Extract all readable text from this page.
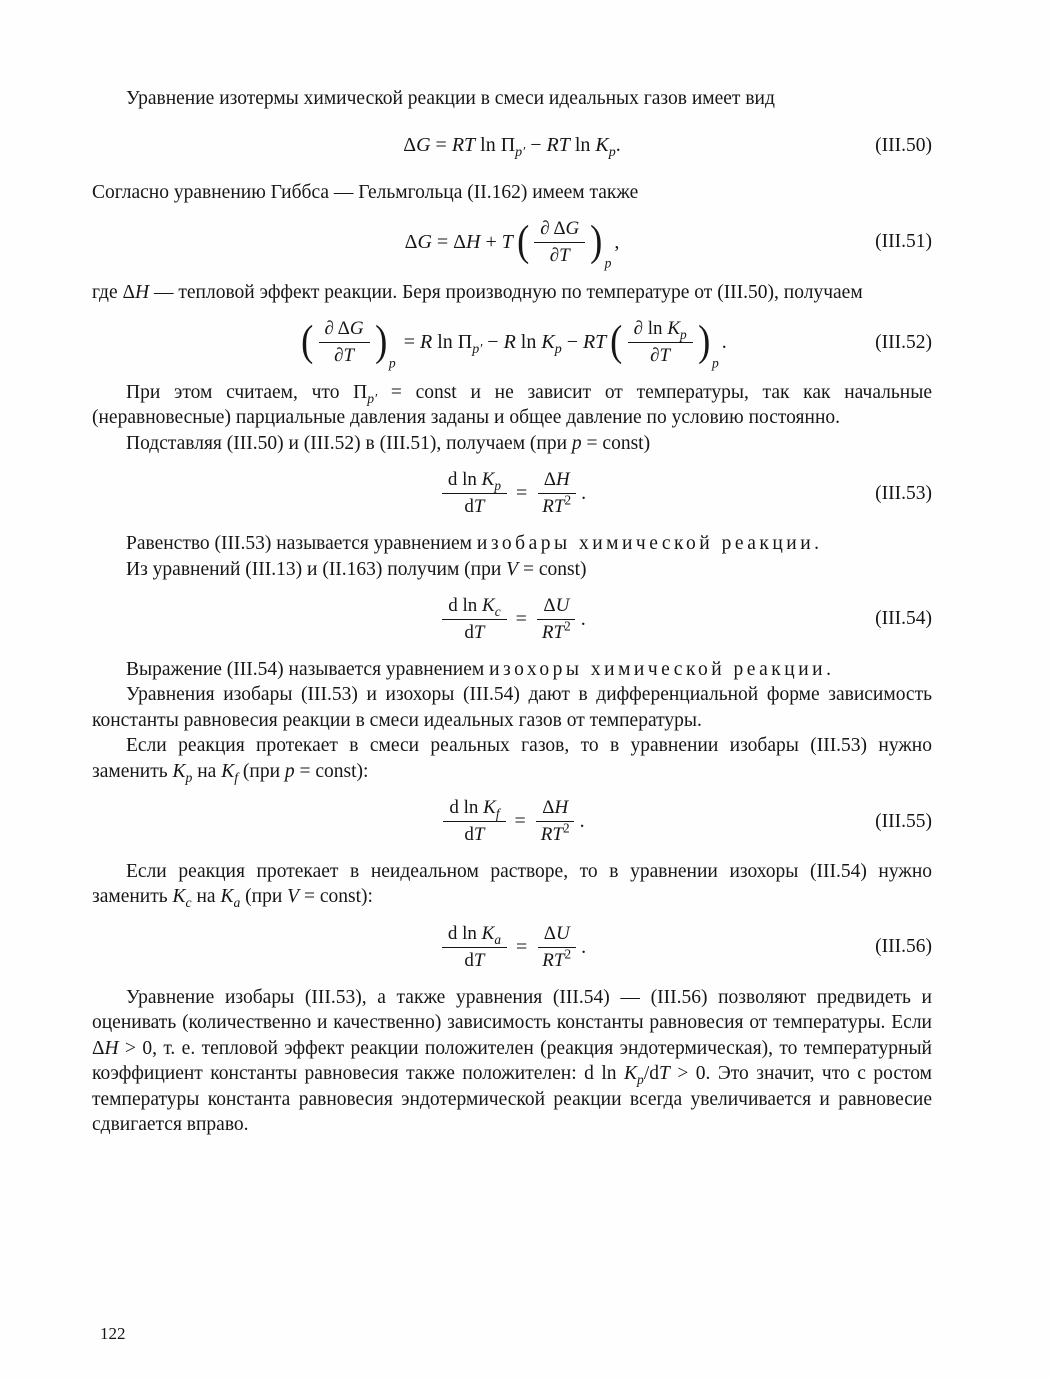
Уравнение изотермы химической реакции в смеси идеальных газов имеет вид

ΔG = RT $\ln \Pi_{p'}$ − RT $\ln K_p$.	(III.50)

Согласно уравнению Гиббса — Гельмгольца (II.162) имеем также

ΔG = ΔH + T ( $\frac{\partial \Delta G}{\partial T}$ ) p
,	(III.51)

где ΔH — тепловой эффект реакции. Беря производную по температуре от (III.50), получаем

( $\frac{\partial \Delta G}{\partial T}$ ) p
= R $\ln \Pi_{p'} - R$ $\ln K_p$ − RT ( $\frac{\partial \ln K_p}{\partial T}$ ) p
.	(III.52)

При этом считаем, что $\Pi_{p'}$ = const и не зависит от температуры, так как начальные (неравновесные) парциальные давления заданы и общее давление по условию постоянно.

Подставляя (III.50) и (III.52) в (III.51), получаем (при p = const)

$\frac{d \ln K_p}{dT} = \frac{\Delta H}{RT^2}$ .	(III.53)

Равенство (III.53) называется уравнением изобары химической реакции.

Из уравнений (III.13) и (II.163) получим (при V = const)

$\frac{d \ln K_c}{dT} = \frac{\Delta U}{RT^2}$ .	(III.54)

Выражение (III.54) называется уравнением изохоры химической реакции.

Уравнения изобары (III.53) и изохоры (III.54) дают в дифференциальной форме зависимость константы равновесия реакции в смеси идеальных газов от температуры.

Если реакция протекает в смеси реальных газов, то в уравнении изобары (III.53) нужно заменить $K_p$ на $K_f$ (при p = const):

$\frac{d \ln K_f}{dT} = \frac{\Delta H}{RT^2}$ .	(III.55)

Если реакция протекает в неидеальном растворе, то в уравнении изохоры (III.54) нужно заменить $K_c$ на $K_a$ (при V = const):

$\frac{d \ln K_a}{dT} = \frac{\Delta U}{RT^2}$ .	(III.56)

Уравнение изобары (III.53), а также уравнения (III.54) — (III.56) позволяют предвидеть и оценивать (количественно и качественно) зависимость константы равновесия от температуры. Если ΔH > 0, т. е. тепловой эффект реакции положителен (реакция эндотермическая), то температурный коэффициент константы равновесия также положителен: d $\ln K_p/dT > 0$. Это значит, что с ростом температуры константа равновесия эндотермической реакции всегда увеличивается и равновесие сдвигается вправо.

122
